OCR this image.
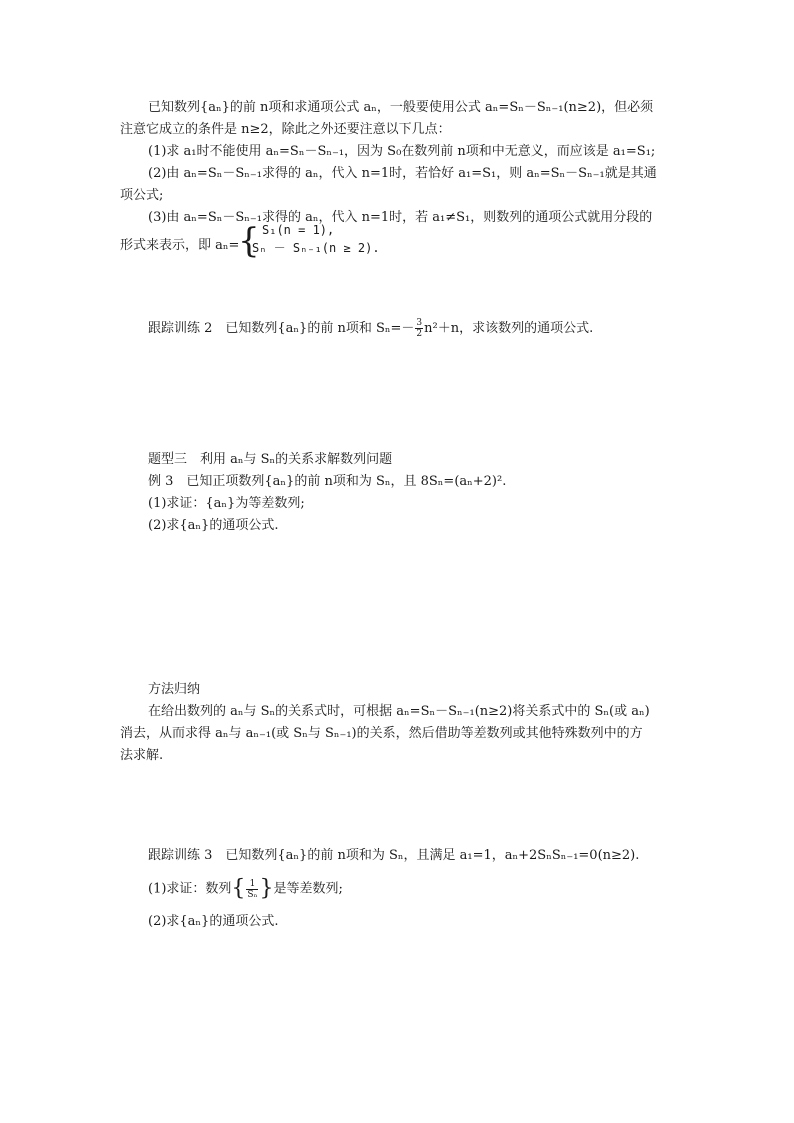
已知数列{aₙ}的前 n项和求通项公式 aₙ，一般要使用公式 aₙ=Sₙ－Sₙ₋₁(n≥2)，但必须
注意它成立的条件是 n≥2，除此之外还要注意以下几点：
(1)求 a₁时不能使用 aₙ=Sₙ－Sₙ₋₁，因为 S₀在数列前 n项和中无意义，而应该是 a₁=S₁;
(2)由 aₙ=Sₙ－Sₙ₋₁求得的 aₙ，代入 n=1时，若恰好 a₁=S₁，则 aₙ=Sₙ－Sₙ₋₁就是其通
项公式;
(3)由 aₙ=Sₙ－Sₙ₋₁求得的 aₙ，代入 n=1时，若 a₁≠S₁，则数列的通项公式就用分段的
形式来表示，即 aₙ=
{ S₁(n = 1),
Sₙ － Sₙ₋₁(n ≥ 2).
跟踪训练 2　已知数列{aₙ}的前 n项和 $S_n=- \frac{3}{2} n^2+n$，求该数列的通项公式.
题型三　利用 aₙ与 Sₙ的关系求解数列问题
例 3　已知正项数列{aₙ}的前 n项和为 Sₙ，且 8Sₙ=(aₙ+2)².
(1)求证：{aₙ}为等差数列;
(2)求{aₙ}的通项公式.
方法归纳
在给出数列的 aₙ与 Sₙ的关系式时，可根据 aₙ=Sₙ－Sₙ₋₁(n≥2)将关系式中的 Sₙ(或 aₙ)
消去，从而求得 aₙ与 aₙ₋₁(或 Sₙ与 Sₙ₋₁)的关系，然后借助等差数列或其他特殊数列中的方
法求解.
跟踪训练 3　已知数列{aₙ}的前 n项和为 Sₙ，且满足 a₁=1，aₙ+2SₙSₙ₋₁=0(n≥2).
(1)求证：数列 { $\frac{1}{\text{Sₙ}}$ } 是等差数列;
(2)求{aₙ}的通项公式.
